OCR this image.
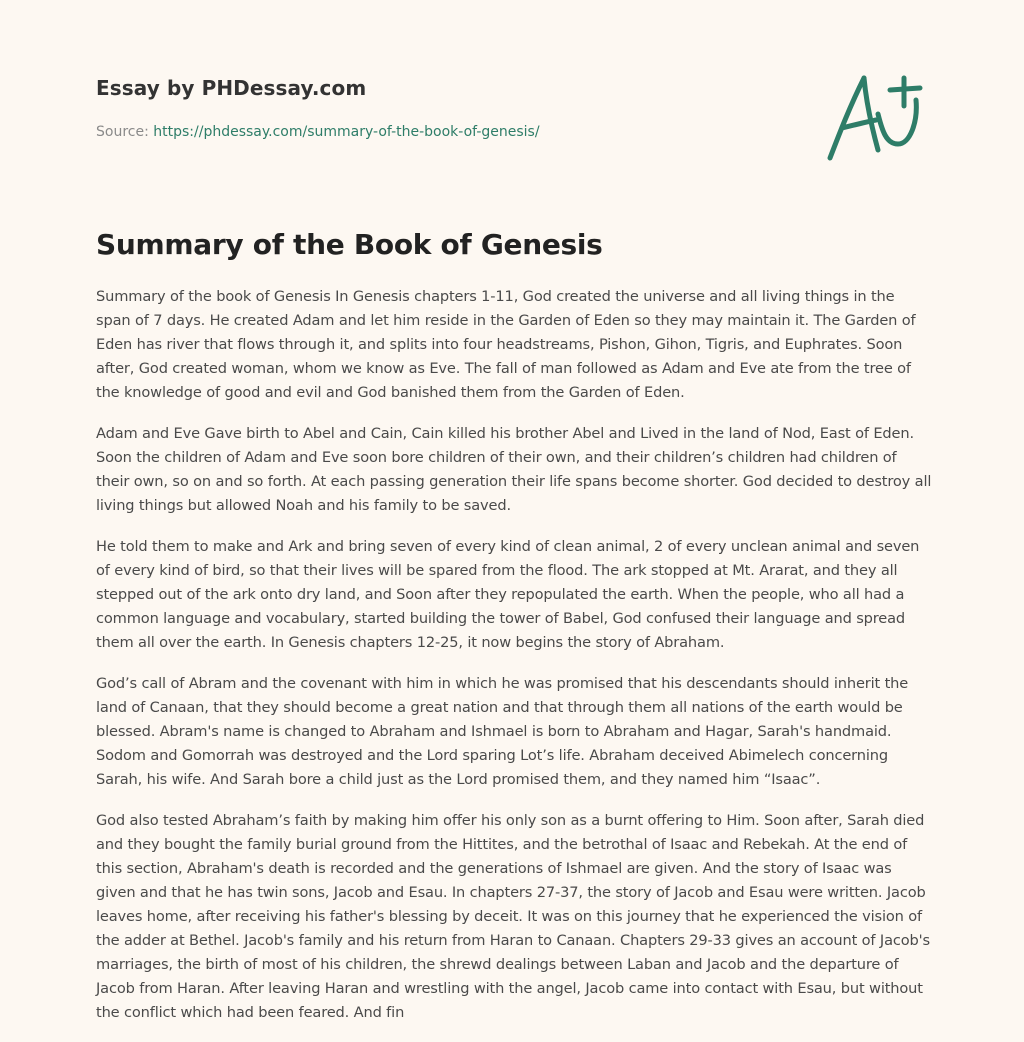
Essay by PHDessay.com
Source: https://phdessay.com/summary-of-the-book-of-genesis/
Summary of the Book of Genesis

Summary of the book of Genesis In Genesis chapters 1-11, God created the universe and all living things in the span of 7 days. He created Adam and let him reside in the Garden of Eden so they may maintain it. The Garden of Eden has river that flows through it, and splits into four headstreams, Pishon, Gihon, Tigris, and Euphrates. Soon after, God created woman, whom we know as Eve. The fall of man followed as Adam and Eve ate from the tree of the knowledge of good and evil and God banished them from the Garden of Eden.

Adam and Eve Gave birth to Abel and Cain, Cain killed his brother Abel and Lived in the land of Nod, East of Eden. Soon the children of Adam and Eve soon bore children of their own, and their children’s children had children of their own, so on and so forth. At each passing generation their life spans become shorter. God decided to destroy all living things but allowed Noah and his family to be saved.

He told them to make and Ark and bring seven of every kind of clean animal, 2 of every unclean animal and seven of every kind of bird, so that their lives will be spared from the flood. The ark stopped at Mt. Ararat, and they all stepped out of the ark onto dry land, and Soon after they repopulated the earth. When the people, who all had a common language and vocabulary, started building the tower of Babel, God confused their language and spread them all over the earth. In Genesis chapters 12-25, it now begins the story of Abraham.

God’s call of Abram and the covenant with him in which he was promised that his descendants should inherit the land of Canaan, that they should become a great nation and that through them all nations of the earth would be blessed. Abram's name is changed to Abraham and Ishmael is born to Abraham and Hagar, Sarah's handmaid. Sodom and Gomorrah was destroyed and the Lord sparing Lot’s life. Abraham deceived Abimelech concerning Sarah, his wife. And Sarah bore a child just as the Lord promised them, and they named him “Isaac”.

God also tested Abraham’s faith by making him offer his only son as a burnt offering to Him. Soon after, Sarah died and they bought the family burial ground from the Hittites, and the betrothal of Isaac and Rebekah. At the end of this section, Abraham's death is recorded and the generations of Ishmael are given. And the story of Isaac was given and that he has twin sons, Jacob and Esau. In chapters 27-37, the story of Jacob and Esau were written. Jacob leaves home, after receiving his father's blessing by deceit. It was on this journey that he experienced the vision of the adder at Bethel. Jacob's family and his return from Haran to Canaan. Chapters 29-33 gives an account of Jacob's marriages, the birth of most of his children, the shrewd dealings between Laban and Jacob and the departure of Jacob from Haran. After leaving Haran and wrestling with the angel, Jacob came into contact with Esau, but without the conflict which had been feared. And fin
